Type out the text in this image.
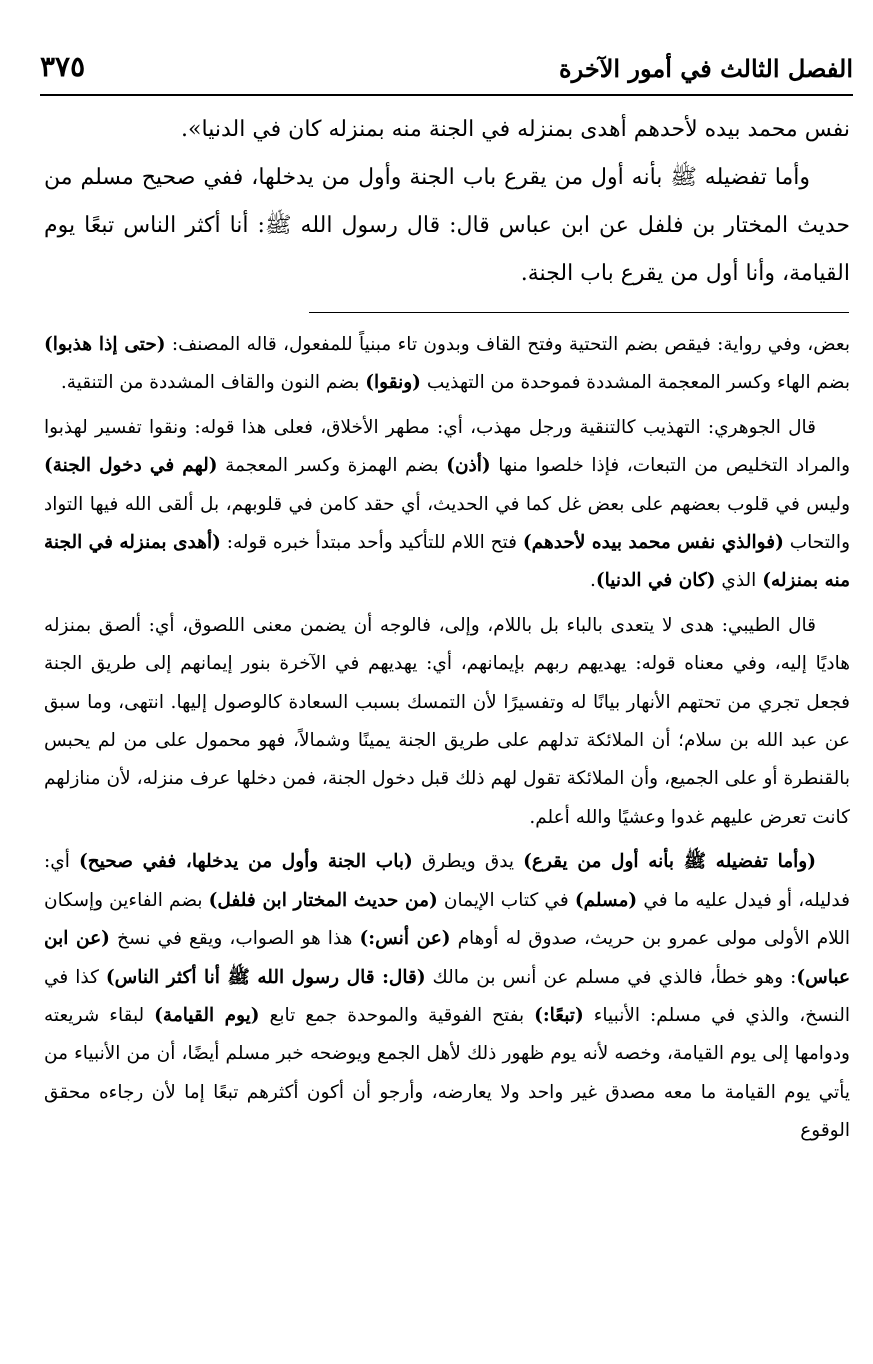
الفصل الثالث في أمور الآخرة
٣٧٥

نفس محمد بيده لأحدهم أهدى بمنزله في الجنة منه بمنزله كان في الدنيا».

وأما تفضيله ﷺ بأنه أول من يقرع باب الجنة وأول من يدخلها، ففي صحيح مسلم من حديث المختار بن فلفل عن ابن عباس قال: قال رسول الله ﷺ: أنا أكثر الناس تبعًا يوم القيامة، وأنا أول من يقرع باب الجنة.

بعض، وفي رواية: فيقص بضم التحتية وفتح القاف وبدون تاء مبنياً للمفعول، قاله المصنف: (حتى إذا هذبوا) بضم الهاء وكسر المعجمة المشددة فموحدة من التهذيب (ونقوا) بضم النون والقاف المشددة من التنقية.

قال الجوهري: التهذيب كالتنقية ورجل مهذب، أي: مطهر الأخلاق، فعلى هذا قوله: ونقوا تفسير لهذبوا والمراد التخليص من التبعات، فإذا خلصوا منها (أذن) بضم الهمزة وكسر المعجمة (لهم في دخول الجنة) وليس في قلوب بعضهم على بعض غل كما في الحديث، أي حقد كامن في قلوبهم، بل ألقى الله فيها التواد والتحاب (فوالذي نفس محمد بيده لأحدهم) فتح اللام للتأكيد وأحد مبتدأ خبره قوله: (أهدى بمنزله في الجنة منه بمنزله) الذي (كان في الدنيا).

قال الطيبي: هدى لا يتعدى بالباء بل باللام، وإلى، فالوجه أن يضمن معنى اللصوق، أي: ألصق بمنزله هاديًا إليه، وفي معناه قوله: يهديهم ربهم بإيمانهم، أي: يهديهم في الآخرة بنور إيمانهم إلى طريق الجنة فجعل تجري من تحتهم الأنهار بيانًا له وتفسيرًا لأن التمسك بسبب السعادة كالوصول إليها. انتهى، وما سبق عن عبد الله بن سلام؛ أن الملائكة تدلهم على طريق الجنة يمينًا وشمالاً، فهو محمول على من لم يحبس بالقنطرة أو على الجميع، وأن الملائكة تقول لهم ذلك قبل دخول الجنة، فمن دخلها عرف منزله، لأن منازلهم كانت تعرض عليهم غدوا وعشيًا والله أعلم.

(وأما تفضيله ﷺ بأنه أول من يقرع) يدق ويطرق (باب الجنة وأول من يدخلها، ففي صحيح) أي: فدليله، أو فيدل عليه ما في (مسلم) في كتاب الإيمان (من حديث المختار ابن فلفل) بضم الفاءين وإسكان اللام الأولى مولى عمرو بن حريث، صدوق له أوهام (عن أنس:) هذا هو الصواب، ويقع في نسخ (عن ابن عباس): وهو خطأ، فالذي في مسلم عن أنس بن مالك (قال: قال رسول الله ﷺ أنا أكثر الناس) كذا في النسخ، والذي في مسلم: الأنبياء (تبعًا:) بفتح الفوقية والموحدة جمع تابع (يوم القيامة) لبقاء شريعته ودوامها إلى يوم القيامة، وخصه لأنه يوم ظهور ذلك لأهل الجمع ويوضحه خبر مسلم أيضًا، أن من الأنبياء من يأتي يوم القيامة ما معه مصدق غير واحد ولا يعارضه، وأرجو أن أكون أكثرهم تبعًا إما لأن رجاءه محقق الوقوع
